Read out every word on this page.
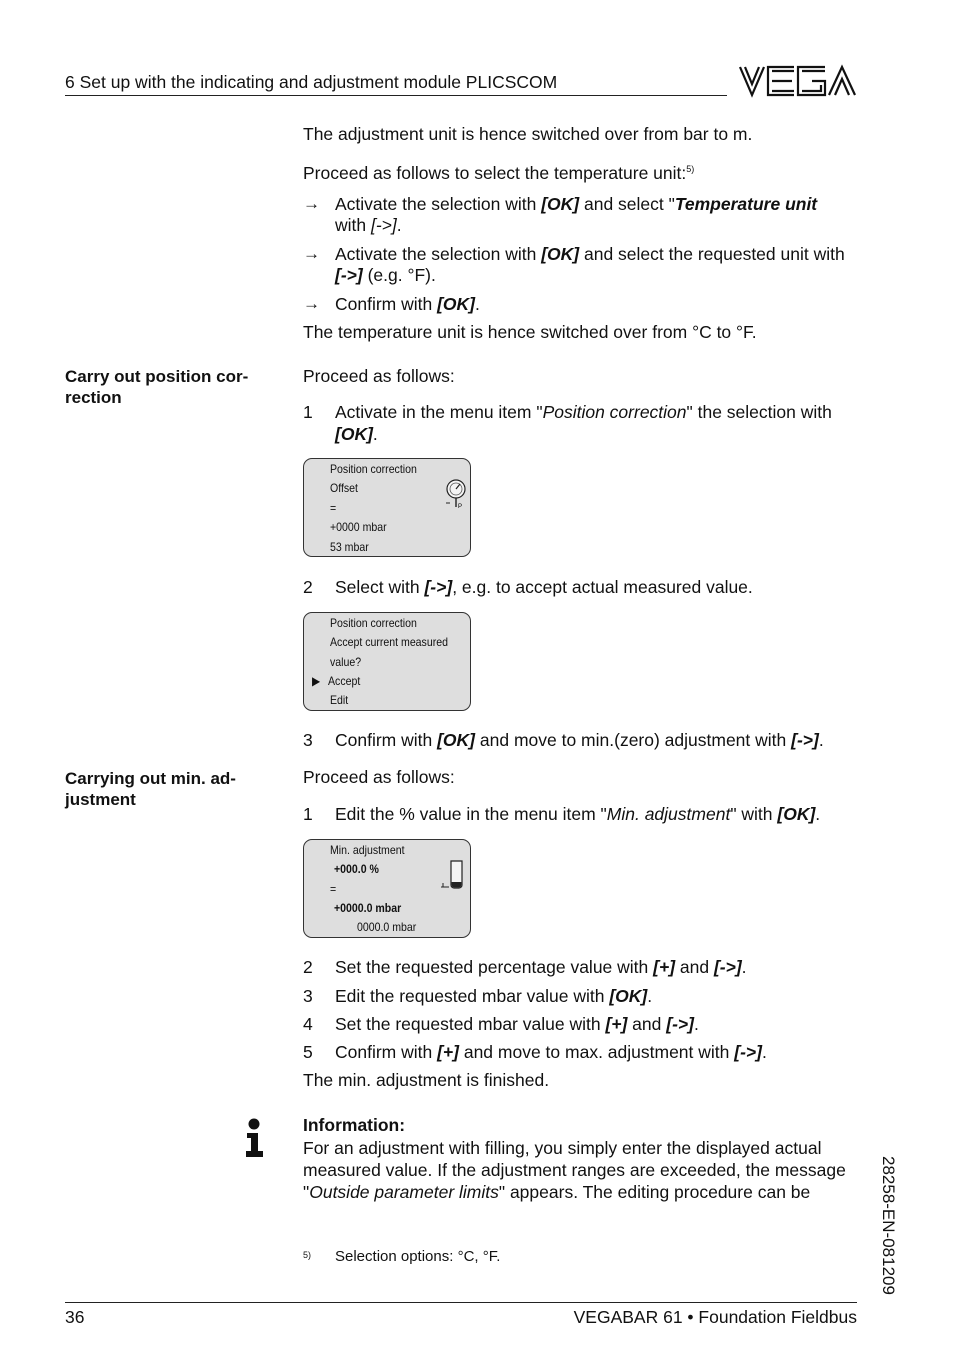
6 Set up with the indicating and adjustment module PLICSCOM
The adjustment unit is hence switched over from bar to m.
Proceed as follows to select the temperature unit:$^{5)}$
→ Activate the selection with [OK] and select "Temperature unit
with [->].
→ Activate the selection with [OK] and select the requested unit with
[->] (e.g. °F).
→ Confirm with [OK].
The temperature unit is hence switched over from °C to °F.
Carry out position cor-
rection
Proceed as follows:
1 Activate in the menu item "Position correction" the selection with
[OK].
Position correction
Offset
=
+0000 mbar
53 mbar
P
2 Select with [->], e.g. to accept actual measured value.
Position correction
Accept current measured
value?
▶ Accept
Edit
3 Confirm with [OK] and move to min.(zero) adjustment with [->].
Carrying out min. ad-
justment
Proceed as follows:
1 Edit the % value in the menu item "Min. adjustment" with [OK].
Min. adjustment
+000.0 %
=
+0000.0 mbar
0000.0 mbar
2 Set the requested percentage value with [+] and [->].
3 Edit the requested mbar value with [OK].
4 Set the requested mbar value with [+] and [->].
5 Confirm with [+] and move to max. adjustment with [->].
The min. adjustment is finished.
Information:
For an adjustment with filling, you simply enter the displayed actual
measured value. If the adjustment ranges are exceeded, the message
"Outside parameter limits" appears. The editing procedure can be
5) Selection options: °C, °F.	28258-EN-081209
36	VEGABAR 61 • Foundation Fieldbus
